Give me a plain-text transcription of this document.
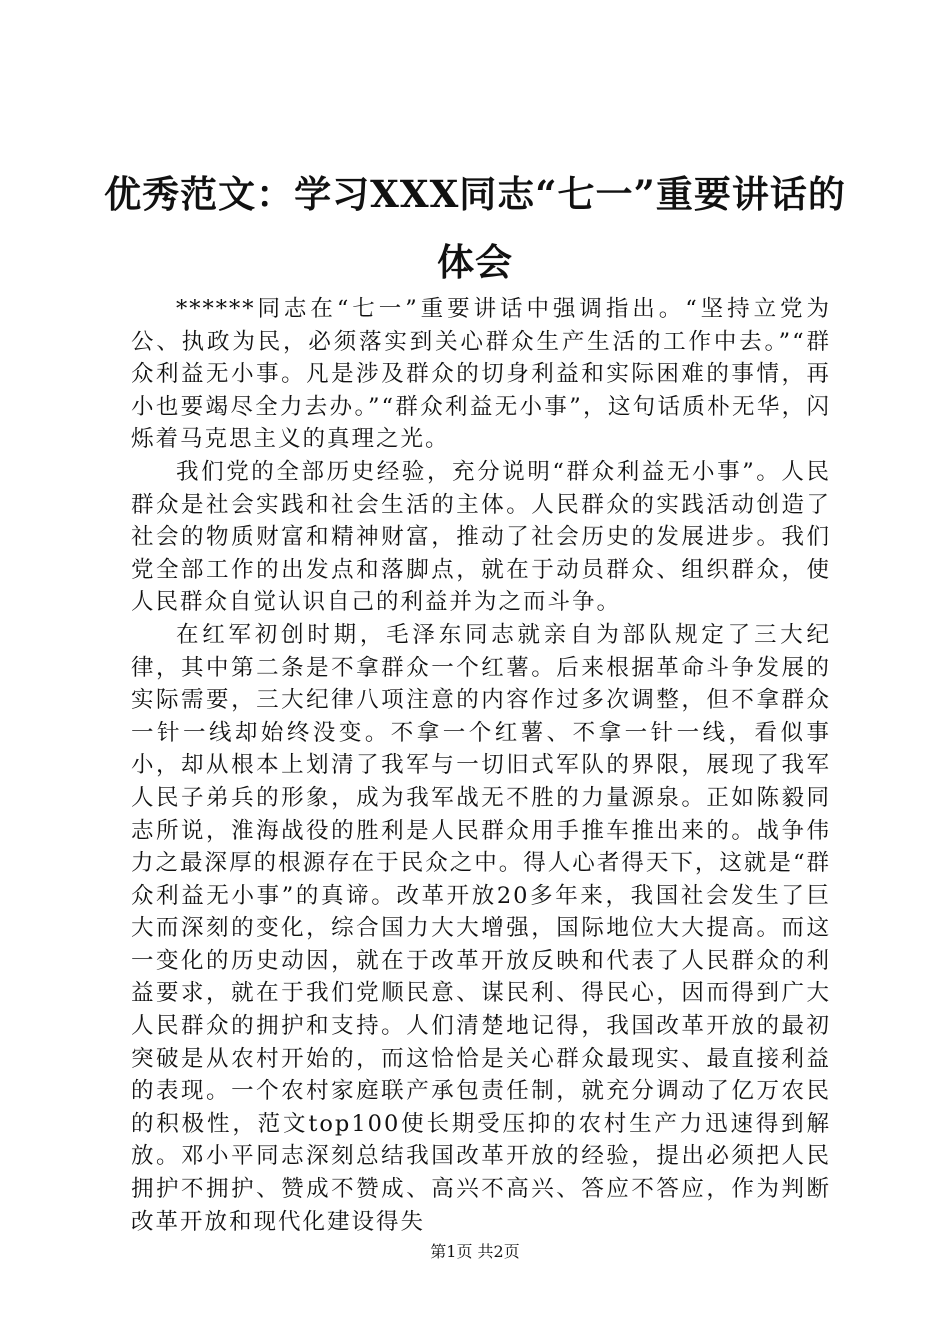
优秀范文：学习XXX同志“七一”重要讲话的体会

******同志在“七一”重要讲话中强调指出。“坚持立党为公、执政为民，必须落实到关心群众生产生活的工作中去。”“群众利益无小事。凡是涉及群众的切身利益和实际困难的事情，再小也要竭尽全力去办。”“群众利益无小事”，这句话质朴无华，闪烁着马克思主义的真理之光。

我们党的全部历史经验，充分说明“群众利益无小事”。人民群众是社会实践和社会生活的主体。人民群众的实践活动创造了社会的物质财富和精神财富，推动了社会历史的发展进步。我们党全部工作的出发点和落脚点，就在于动员群众、组织群众，使人民群众自觉认识自己的利益并为之而斗争。

在红军初创时期，毛泽东同志就亲自为部队规定了三大纪律，其中第二条是不拿群众一个红薯。后来根据革命斗争发展的实际需要，三大纪律八项注意的内容作过多次调整，但不拿群众一针一线却始终没变。不拿一个红薯、不拿一针一线，看似事小，却从根本上划清了我军与一切旧式军队的界限，展现了我军人民子弟兵的形象，成为我军战无不胜的力量源泉。正如陈毅同志所说，淮海战役的胜利是人民群众用手推车推出来的。战争伟力之最深厚的根源存在于民众之中。得人心者得天下，这就是“群众利益无小事”的真谛。改革开放20多年来，我国社会发生了巨大而深刻的变化，综合国力大大增强，国际地位大大提高。而这一变化的历史动因，就在于改革开放反映和代表了人民群众的利益要求，就在于我们党顺民意、谋民利、得民心，因而得到广大人民群众的拥护和支持。人们清楚地记得，我国改革开放的最初突破是从农村开始的，而这恰恰是关心群众最现实、最直接利益的表现。一个农村家庭联产承包责任制，就充分调动了亿万农民的积极性，范文top100使长期受压抑的农村生产力迅速得到解放。邓小平同志深刻总结我国改革开放的经验，提出必须把人民拥护不拥护、赞成不赞成、高兴不高兴、答应不答应，作为判断改革开放和现代化建设得失

第1页 共2页
